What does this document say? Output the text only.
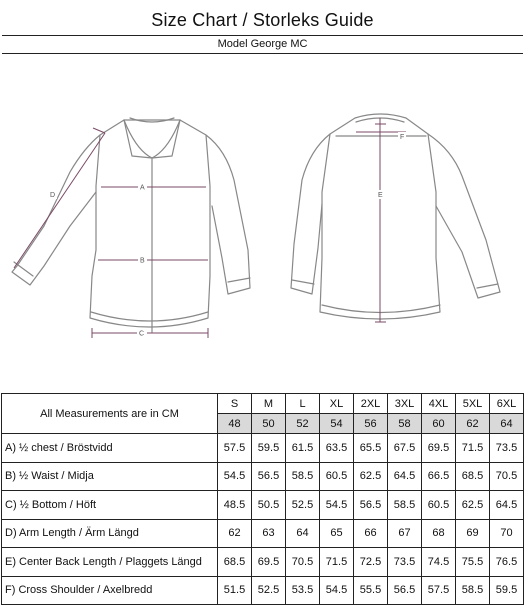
Size Chart / Storleks Guide
Model George MC
A
B
C
D
F
E
All Measurements are in CM	S	M	L	XL	2XL	3XL	4XL	5XL	6XL
	48	50	52	54	56	58	60	62	64
A) ½ chest / Bröstvidd	57.5	59.5	61.5	63.5	65.5	67.5	69.5	71.5	73.5
B) ½ Waist / Midja	54.5	56.5	58.5	60.5	62.5	64.5	66.5	68.5	70.5
C) ½ Bottom / Höft	48.5	50.5	52.5	54.5	56.5	58.5	60.5	62.5	64.5
D) Arm Length / Ärm Längd	62	63	64	65	66	67	68	69	70
E) Center Back Length / Plaggets Längd	68.5	69.5	70.5	71.5	72.5	73.5	74.5	75.5	76.5
F) Cross Shoulder / Axelbredd	51.5	52.5	53.5	54.5	55.5	56.5	57.5	58.5	59.5
